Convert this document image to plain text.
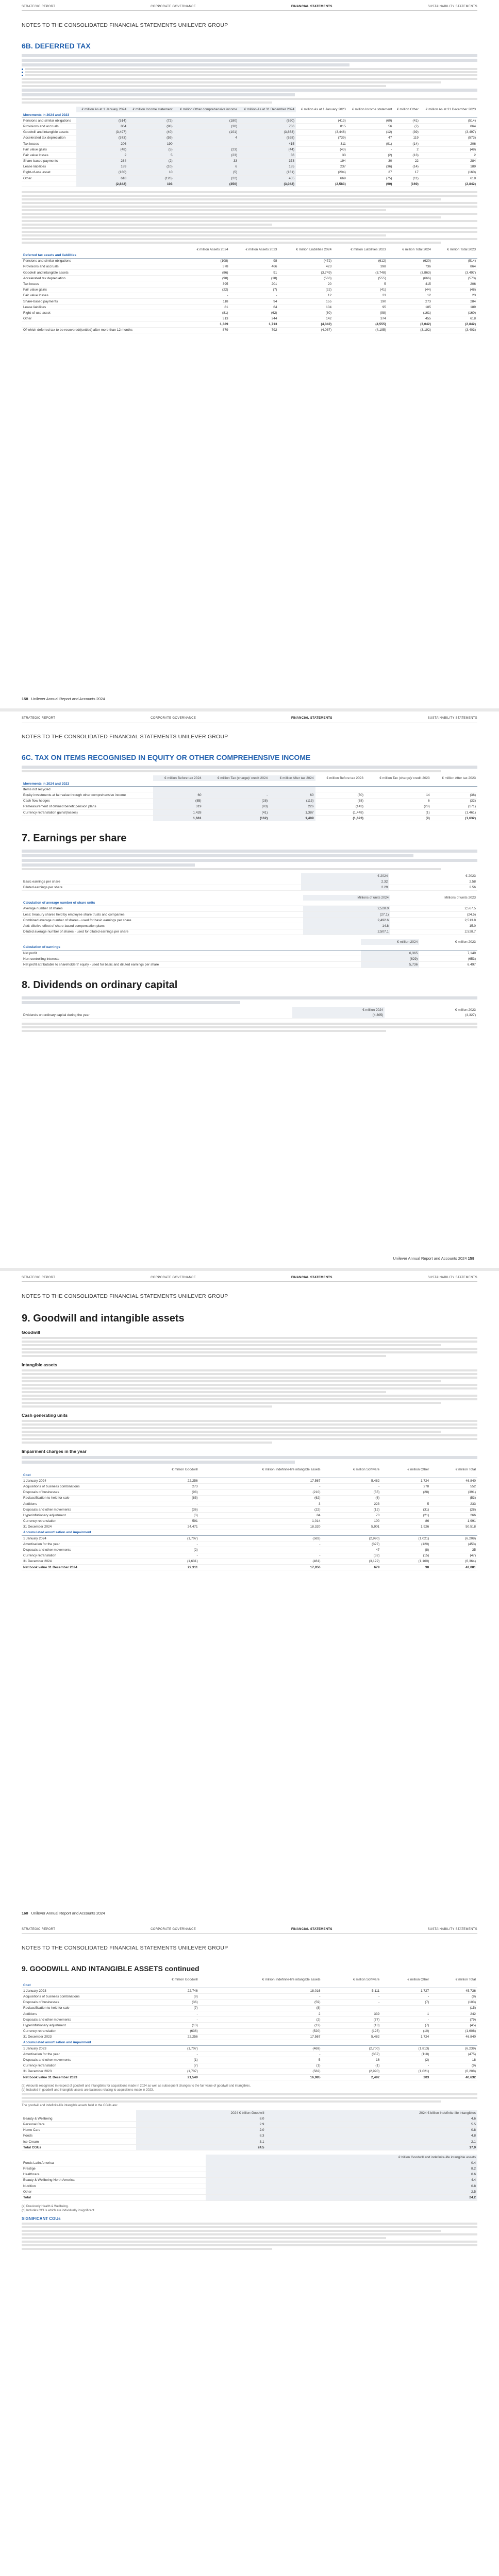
STRATEGIC REPORT	CORPORATE GOVERNANCE	FINANCIAL STATEMENTS	SUSTAINABILITY STATEMENTS
NOTES TO THE CONSOLIDATED FINANCIAL STATEMENTS UNILEVER GROUP
6B. DEFERRED TAX
	€ million As at 1 January 2024	€ million Income statement	€ million Other comprehensive income	€ million As at 31 December 2024	€ million As at 1 January 2023	€ million Income statement	€ million Other	€ million As at 31 December 2023
Movements in 2024 and 2023								
Pensions and similar obligations	(514)	(72)	(180)	(620)	(413)	(60)	(41)	(514)
Provisions and accruals	864	(98)	(30)	736	815	56	(7)	864
Goodwill and intangible assets	(3,497)	(40)	(101)	(3,863)	(3,446)	(12)	(39)	(3,497)
Accelerated tax depreciation	(573)	(59)	4	(628)	(739)	47	119	(573)
Tax losses	206	190	-	415	311	(91)	(14)	206
Fair value gains	(48)	(5)	(23)	(44)	(43)	-	2	(48)
Fair value losses	2	5	(23)	36	33	(2)	(13)	2
Share-based payments	284	(2)	33	373	194	30	22	284
Lease liabilities	189	(10)	6	185	237	(36)	(14)	189
Right-of-use asset	(160)	10	(5)	(161)	(204)	27	17	(160)
Other	618	(126)	(22)	455	669	(75)	(11)	618
	(2,842)	103	(350)	(3,042)	(2,583)	(90)	(169)	(2,842)
	€ million Assets 2024	€ million Assets 2023	€ million Liabilities 2024	€ million Liabilities 2023	€ million Total 2024	€ million Total 2023
Deferred tax assets and liabilities						
Pensions and similar obligations	(108)	98	(472)	(612)	(620)	(514)
Provisions and accruals	378	466	423	398	736	864
Goodwill and intangible assets	(86)	91	(3,749)	(3,748)	(3,863)	(3,497)
Accelerated tax depreciation	(98)	(18)	(566)	(555)	(666)	(573)
Tax losses	395	201	20	5	415	206
Fair value gains	(22)	(7)	(22)	(41)	(44)	(48)
Fair value losses	-	-	12	23	12	23
Share-based payments	118	94	155	190	273	284
Lease liabilities	81	64	104	95	185	189
Right-of-use asset	(81)	(62)	(80)	(98)	(161)	(160)
Other	313	244	142	374	455	618
	1,389	1,713	(4,342)	(4,555)	(3,042)	(2,842)
Of which deferred tax to be recovered/(settled) after more than 12 months	879	792	(4,087)	(4,195)	(3,192)	(3,403)
158 Unilever Annual Report and Accounts 2024
STRATEGIC REPORT	CORPORATE GOVERNANCE	FINANCIAL STATEMENTS	SUSTAINABILITY STATEMENTS
NOTES TO THE CONSOLIDATED FINANCIAL STATEMENTS UNILEVER GROUP
6C. TAX ON ITEMS RECOGNISED IN EQUITY OR OTHER COMPREHENSIVE INCOME
	€ million Before tax 2024	€ million Tax (charge)/ credit 2024	€ million After tax 2024	€ million Before tax 2023	€ million Tax (charge)/ credit 2023	€ million After tax 2023
Movements in 2024 and 2023						
Items not recycled						
Equity investments at fair value through other comprehensive income	60	-	60	(50)	14	(36)
Cash flow hedges	(85)	(28)	(113)	(38)	6	(32)
Remeasurement of defined benefit pension plans	319	(93)	226	(143)	(28)	(171)
Currency retranslation gains/(losses)	1,428	(41)	1,387	(1,448)	(1)	(1,461)
	1,661	(162)	1,499	(1,623)	(9)	(1,632)
7. Earnings per share
	€ 2024	€ 2023
Basic earnings per share	2.32	2.58
Diluted earnings per share	2.29	2.56
	Millions of units 2024	Millions of units 2023
Calculation of average number of share units		
Average number of shares	2,528.0	2,567.5
Less: treasury shares held by employee share trusts and companies	(27.1)	(24.5)
Combined average number of shares - used for basic earnings per share	2,492.6	2,513.8
Add: dilutive effect of share-based compensation plans	14.8	15.0
Diluted average number of shares - used for diluted earnings per share	2,507.1	2,528.7
	€ million 2024	€ million 2023
Calculation of earnings		
Net profit	6,365	7,149
Non-controlling interests	(629)	(653)
Net profit attributable to shareholders' equity - used for basic and diluted earnings per share	5,736	6,497
8. Dividends on ordinary capital
	€ million 2024	€ million 2023
Dividends on ordinary capital during the year	(4,305)	(4,327)
Unilever Annual Report and Accounts 2024 159
STRATEGIC REPORT	CORPORATE GOVERNANCE	FINANCIAL STATEMENTS	SUSTAINABILITY STATEMENTS
NOTES TO THE CONSOLIDATED FINANCIAL STATEMENTS UNILEVER GROUP
9. Goodwill and intangible assets
Goodwill
Intangible assets
Cash generating units
Impairment charges in the year
	€ million Goodwill	€ million Indefinite-life intangible assets	€ million Software	€ million Other	€ million Total
Cost					
1 January 2024	22,256	17,567	5,482	1,724	46,840
Acquisitions of business combinations	273	-	-	278	552
Disposals of businesses	(98)	(210)	(55)	(28)	(391)
Reclassification to held for sale	(85)	(62)	(6)	-	(53)
Additions	-	3	223	5	233
Disposals and other movements	(36)	(22)	(12)	(31)	(28)
Hyperinflationary adjustment	(3)	84	70	(21)	266
Currency retranslation	591	1,014	100	86	1,991
31 December 2024	24,471	18,320	5,901	1,926	50,518
Accumulated amortisation and impairment					
1 January 2024	(1,707)	(582)	(2,990)	(1,021)	(6,208)
Amortisation for the year	-	-	(327)	(120)	(453)
Disposals and other movements	(2)	-	47	(8)	35
Currency retranslation	-	-	(32)	(15)	(47)
31 December 2024	(1,631)	(461)	(3,122)	(1,160)	(6,364)
Net book value 31 December 2024	22,911	17,856	679	98	42,081
160 Unilever Annual Report and Accounts 2024
STRATEGIC REPORT	CORPORATE GOVERNANCE	FINANCIAL STATEMENTS	SUSTAINABILITY STATEMENTS
NOTES TO THE CONSOLIDATED FINANCIAL STATEMENTS UNILEVER GROUP
9. GOODWILL AND INTANGIBLE ASSETS continued
	€ million Goodwill	€ million Indefinite-life intangible assets	€ million Software	€ million Other	€ million Total
Cost					
1 January 2023	22,746	18,016	5,111	1,727	45,736
Acquisitions of business combinations	(8)	-	-	-	(8)
Disposals of businesses	(36)	(59)	-	(7)	(103)
Reclassification to held for sale	(7)	(8)	-	-	(15)
Additions	-	2	339	1	242
Disposals and other movements	-	(2)	(77)	-	(79)
Hyperinflationary adjustment	(13)	(12)	(13)	(7)	(45)
Currency retranslation	(636)	(520)	(125)	(10)	(1,608)
31 December 2023	22,256	17,567	5,482	1,724	46,840
Accumulated amortisation and impairment					
1 January 2023	(1,707)	(469)	(2,700)	(1,813)	(6,239)
Amortisation for the year	-	-	(357)	(118)	(475)
Disposals and other movements	(1)	5	16	(2)	18
Currency retranslation	(7)	(1)	(1)	-	(9)
31 December 2023	(1,707)	(582)	(2,990)	(1,021)	(6,208)
Net book value 31 December 2023	21,549	16,985	2,492	203	40,632
(a) Amounts recognised in respect of goodwill and intangibles for acquisitions made in 2024 as well as subsequent changes to the fair value of goodwill and intangibles.
(b) Included in goodwill and intangible assets are balances relating to acquisitions made in 2023.
The goodwill and indefinite-life intangible assets held in the CGUs are:
	2024 € billion Goodwill	2024 € billion Indefinite-life intangibles
Beauty & Wellbeing	8.0	4.6
Personal Care	2.9	5.5
Home Care	2.0	0.8
Foods	8.3	4.8
Ice Cream	3.1	2.1
Total CGUs	24.5	17.9
	€ billion Goodwill and indefinite-life intangible assets
Foods Latin America	0.4
Prestige	8.2
Healthcare	0.6
Beauty & Wellbeing North America	4.4
Nutrition	0.8
Other	2.5
Total	24.2
(a) Previously Health & Wellbeing.
(b) Includes CGUs which are individually insignificant.
SIGNIFICANT CGUs
